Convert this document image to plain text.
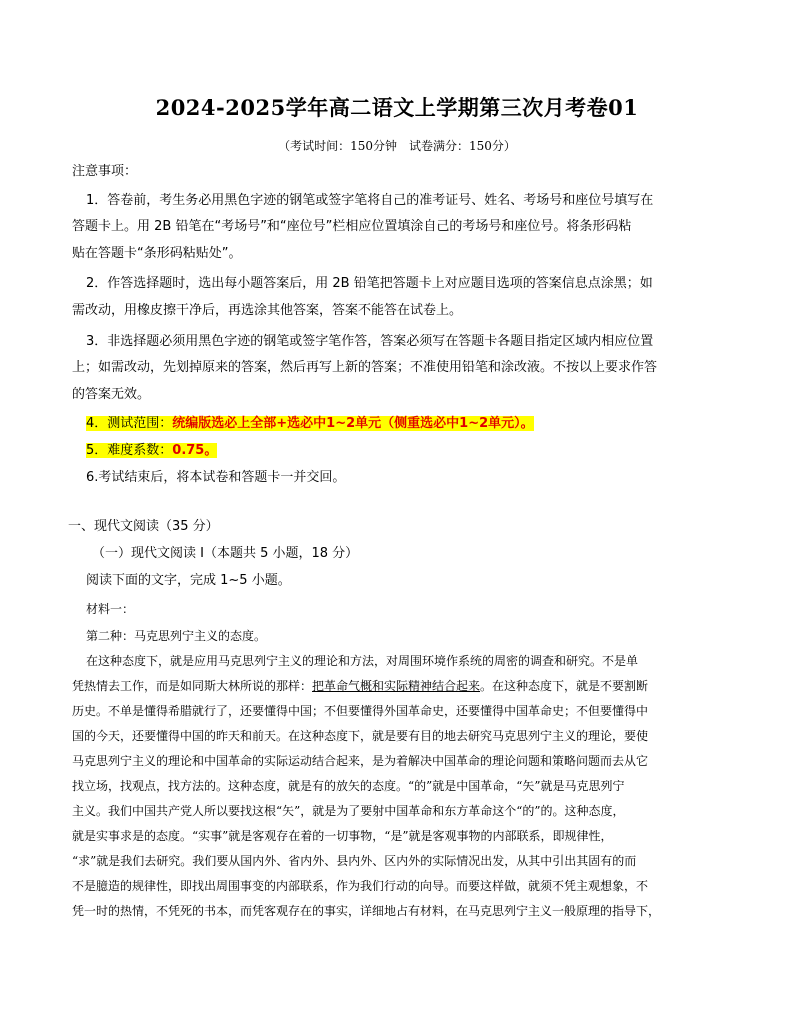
2024-2025学年高二语文上学期第三次月考卷01
（考试时间：150分钟　试卷满分：150分）
注意事项：
1．答卷前，考生务必用黑色字迹的钢笔或签字笔将自己的准考证号、姓名、考场号和座位号填写在
答题卡上。用 2B 铅笔在“考场号”和“座位号”栏相应位置填涂自己的考场号和座位号。将条形码粘
贴在答题卡“条形码粘贴处”。
2．作答选择题时，选出每小题答案后，用 2B 铅笔把答题卡上对应题目选项的答案信息点涂黑；如
需改动，用橡皮擦干净后，再选涂其他答案，答案不能答在试卷上。
3．非选择题必须用黑色字迹的钢笔或签字笔作答，答案必须写在答题卡各题目指定区域内相应位置
上；如需改动，先划掉原来的答案，然后再写上新的答案；不准使用铅笔和涂改液。不按以上要求作答
的答案无效。
4．测试范围：统编版选必上全部+选必中1~2单元（侧重选必中1~2单元）。
5．难度系数：0.75。
6.考试结束后，将本试卷和答题卡一并交回。
一、现代文阅读（35 分）
（一）现代文阅读 I（本题共 5 小题，18 分）
阅读下面的文字，完成 1~5 小题。
材料一：
第二种：马克思列宁主义的态度。
在这种态度下，就是应用马克思列宁主义的理论和方法，对周围环境作系统的周密的调查和研究。不是单
凭热情去工作，而是如同斯大林所说的那样：把革命气概和实际精神结合起来。在这种态度下，就是不要割断
历史。不单是懂得希腊就行了，还要懂得中国；不但要懂得外国革命史，还要懂得中国革命史；不但要懂得中
国的今天，还要懂得中国的昨天和前天。在这种态度下，就是要有目的地去研究马克思列宁主义的理论，要使
马克思列宁主义的理论和中国革命的实际运动结合起来，是为着解决中国革命的理论问题和策略问题而去从它
找立场，找观点，找方法的。这种态度，就是有的放矢的态度。“的”就是中国革命，“矢”就是马克思列宁
主义。我们中国共产党人所以要找这根“矢”，就是为了要射中国革命和东方革命这个“的”的。这种态度，
就是实事求是的态度。“实事”就是客观存在着的一切事物，“是”就是客观事物的内部联系，即规律性，
“求”就是我们去研究。我们要从国内外、省内外、县内外、区内外的实际情况出发，从其中引出其固有的而
不是臆造的规律性，即找出周围事变的内部联系，作为我们行动的向导。而要这样做，就须不凭主观想象，不
凭一时的热情，不凭死的书本，而凭客观存在的事实，详细地占有材料，在马克思列宁主义一般原理的指导下，
